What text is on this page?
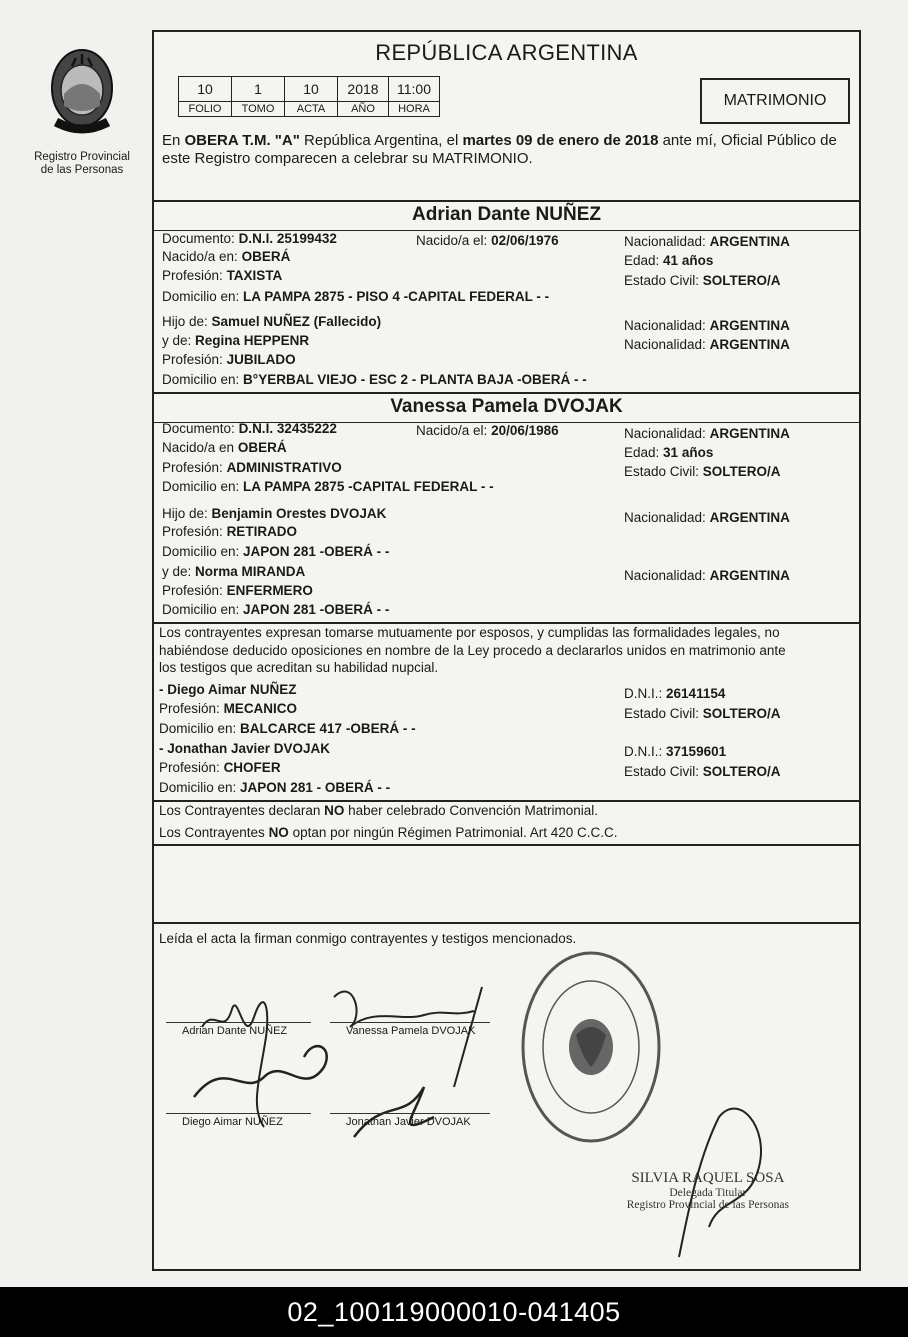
Registro Provincial
de las Personas
REPÚBLICA ARGENTINA
10	1	10	2018	11:00
FOLIO	TOMO	ACTA	AÑO	HORA	MATRIMONIO
En OBERA T.M. "A" República Argentina, el martes 09 de enero de 2018 ante mí, Oficial Público de este Registro comparecen a celebrar su MATRIMONIO.
Adrian Dante NUÑEZ
Documento: D.N.I. 25199432	Nacido/a el: 02/06/1976	Nacionalidad: ARGENTINA
Nacido/a en: OBERÁ	Edad: 41 años
Profesión: TAXISTA	Estado Civil: SOLTERO/A
Domicilio en: LA PAMPA 2875 - PISO 4 -CAPITAL FEDERAL - -
Hijo de: Samuel NUÑEZ (Fallecido)	Nacionalidad: ARGENTINA
y de: Regina HEPPENR	Nacionalidad: ARGENTINA
Profesión: JUBILADO
Domicilio en: B°YERBAL VIEJO - ESC 2 - PLANTA BAJA -OBERÁ - -
Vanessa Pamela DVOJAK
Documento: D.N.I. 32435222	Nacido/a el: 20/06/1986	Nacionalidad: ARGENTINA
Nacido/a en OBERÁ	Edad: 31 años
Profesión: ADMINISTRATIVO	Estado Civil: SOLTERO/A
Domicilio en: LA PAMPA 2875 -CAPITAL FEDERAL - -
Hijo de: Benjamin Orestes DVOJAK	Nacionalidad: ARGENTINA
Profesión: RETIRADO
Domicilio en: JAPON 281 -OBERÁ - -
y de: Norma MIRANDA	Nacionalidad: ARGENTINA
Profesión: ENFERMERO
Domicilio en: JAPON 281 -OBERÁ - -
Los contrayentes expresan tomarse mutuamente por esposos, y cumplidas las formalidades legales, no
habiéndose deducido oposiciones en nombre de la Ley procedo a declararlos unidos en matrimonio ante
los testigos que acreditan su habilidad nupcial.
- Diego Aimar NUÑEZ	D.N.I.: 26141154
Profesión: MECANICO	Estado Civil: SOLTERO/A
Domicilio en: BALCARCE 417 -OBERÁ - -
- Jonathan Javier DVOJAK	D.N.I.: 37159601
Profesión: CHOFER	Estado Civil: SOLTERO/A
Domicilio en: JAPON 281 - OBERÁ - -
Los Contrayentes declaran NO haber celebrado Convención Matrimonial.
Los Contrayentes NO optan por ningún Régimen Patrimonial. Art 420 C.C.C.
Leída el acta la firman conmigo contrayentes y testigos mencionados.
Adrian Dante NUÑEZ	Vanessa Pamela DVOJAK
Diego Aimar NUÑEZ	Jonathan Javier DVOJAK
SILVIA RAQUEL SOSA
Delegada Titular
Registro Provincial de las Personas
02_100119000010-041405
